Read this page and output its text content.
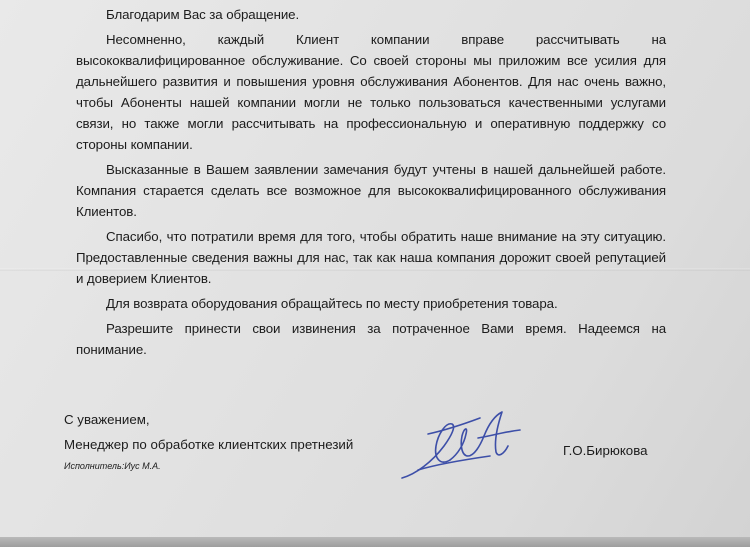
Благодарим Вас за обращение.

Несомненно, каждый Клиент компании вправе рассчитывать на высококвалифицированное обслуживание. Со своей стороны мы приложим все усилия для дальнейшего развития и повышения уровня обслуживания Абонентов. Для нас очень важно, чтобы Абоненты нашей компании могли не только пользоваться качественными услугами связи, но также могли рассчитывать на профессиональную и оперативную поддержку со стороны компании.

Высказанные в Вашем заявлении замечания будут учтены в нашей дальнейшей работе. Компания старается сделать все возможное для высококвалифицированного обслуживания Клиентов.

Спасибо, что потратили время для того, чтобы обратить наше внимание на эту ситуацию. Предоставленные сведения важны для нас, так как наша компания дорожит своей репутацией и доверием Клиентов.

Для возврата оборудования обращайтесь по месту приобретения товара.

Разрешите принести свои извинения за потраченное Вами время. Надеемся на понимание.

С уважением,
Менеджер по обработке клиентских претнезий
Исполнитель:Иус М.А.
Г.О.Бирюкова
